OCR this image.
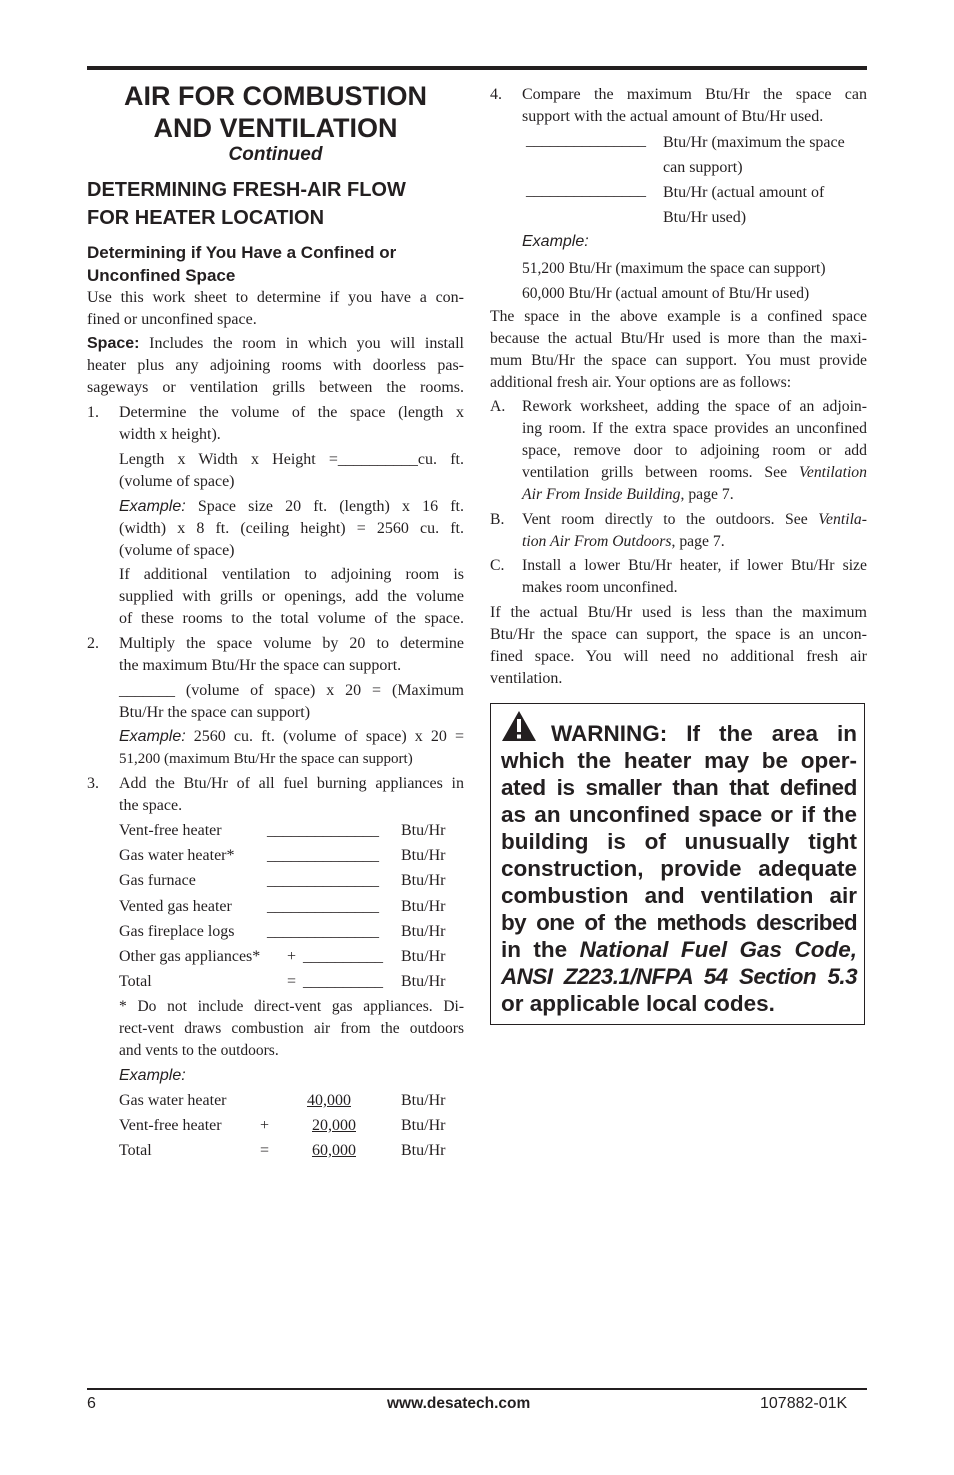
AIR FOR COMBUSTION
AND VENTILATION
Continued
DETERMINING FRESH-AIR FLOW
FOR HEATER LOCATION
Determining if You Have a Confined or
Unconfined Space
Use this work sheet to determine if you have a con-
fined or unconfined space.
Space: Includes the room in which you will install
heater plus any adjoining rooms with doorless pas-
sageways or ventilation grills between the rooms.
1. Determine the volume of the space (length x
width x height).
Length x Width x Height =__________cu. ft.
(volume of space)
Example: Space size 20 ft. (length) x 16 ft.
(width) x 8 ft. (ceiling height) = 2560 cu. ft.
(volume of space)
If additional ventilation to adjoining room is
supplied with grills or openings, add the volume
of these rooms to the total volume of the space.
2. Multiply the space volume by 20 to determine
the maximum Btu/Hr the space can support.
_______ (volume of space) x 20 = (Maximum
Btu/Hr the space can support)
Example: 2560 cu. ft. (volume of space) x 20 =
51,200 (maximum Btu/Hr the space can support)
3. Add the Btu/Hr of all fuel burning appliances in
the space.
Vent-free heater	______________ Btu/Hr
Gas water heater* ______________ Btu/Hr
Gas furnace	______________ Btu/Hr
Vented gas heater ______________ Btu/Hr
Gas fireplace logs ______________ Btu/Hr
Other gas appliances* + __________ Btu/Hr
Total	= __________ Btu/Hr
* Do not include direct-vent gas appliances. Di-
rect-vent draws combustion air from the outdoors
and vents to the outdoors.
Example:
Gas water heater	40,000	Btu/Hr
Vent-free heater +	20,000	Btu/Hr
Total	=	60,000	Btu/Hr
4. Compare the maximum Btu/Hr the space can
support with the actual amount of Btu/Hr used.
_______________ Btu/Hr (maximum the space
can support)
_______________ Btu/Hr (actual amount of
Btu/Hr used)
Example:
51,200 Btu/Hr (maximum the space can support)
60,000 Btu/Hr (actual amount of Btu/Hr used)
The space in the above example is a confined space
because the actual Btu/Hr used is more than the maxi-
mum Btu/Hr the space can support. You must provide
additional fresh air. Your options are as follows:
A. Rework worksheet, adding the space of an adjoin-
ing room. If the extra space provides an unconfined
space, remove door to adjoining room or add
ventilation grills between rooms. See Ventilation
Air From Inside Building, page 7.
B. Vent room directly to the outdoors. See Ventila-
tion Air From Outdoors, page 7.
C. Install a lower Btu/Hr heater, if lower Btu/Hr size
makes room unconfined.
If the actual Btu/Hr used is less than the maximum
Btu/Hr the space can support, the space is an uncon-
fined space. You will need no additional fresh air
ventilation.
WARNING: If the area in
which the heater may be oper-
ated is smaller than that defined
as an unconfined space or if the
building is of unusually tight
construction, provide adequate
combustion and ventilation air
by one of the methods described
in the National Fuel Gas Code,
ANSI Z223.1/NFPA 54 Section 5.3
or applicable local codes.
6	www.desatech.com	107882-01K
